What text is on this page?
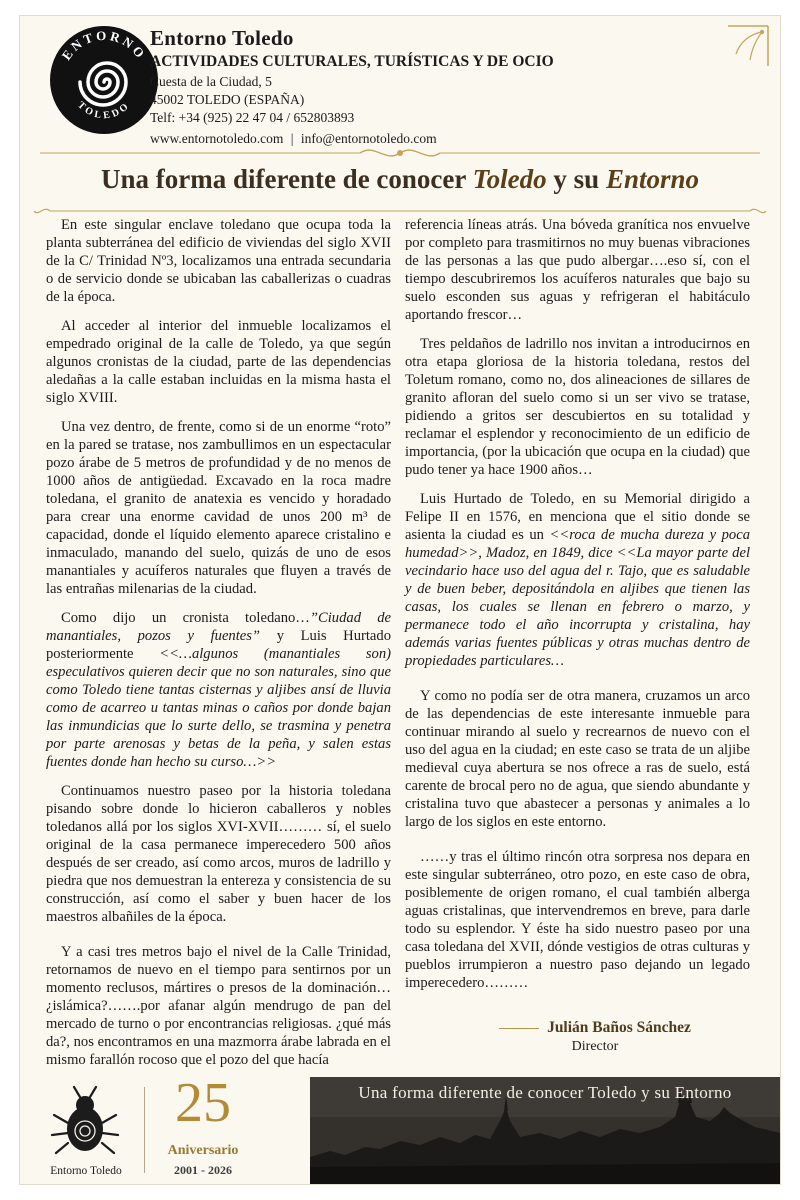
ENTORNO
TOLEDO
Entorno Toledo
ACTIVIDADES CULTURALES, TURÍSTICAS Y DE OCIO
Cuesta de la Ciudad, 5
45002 TOLEDO (ESPAÑA)
Telf: +34 (925) 22 47 04 / 652803893
www.entornotoledo.com | info@entornotoledo.com
Una forma diferente de conocer Toledo y su Entorno

En este singular enclave toledano que ocupa toda la planta subterránea del edificio de viviendas del siglo XVII de la C/ Trinidad Nº3, localizamos una entrada secundaria o de servicio donde se ubicaban las caballerizas o cuadras de la época.

Al acceder al interior del inmueble localizamos el empedrado original de la calle de Toledo, ya que según algunos cronistas de la ciudad, parte de las dependencias aledañas a la calle estaban incluidas en la misma hasta el siglo XVIII.

Una vez dentro, de frente, como si de un enorme “roto” en la pared se tratase, nos zambullimos en un espectacular pozo árabe de 5 metros de profundidad y de no menos de 1000 años de antigüedad. Excavado en la roca madre toledana, el granito de anatexia es vencido y horadado para crear una enorme cavidad de unos 200 m³ de capacidad, donde el líquido elemento aparece cristalino e inmaculado, manando del suelo, quizás de uno de esos manantiales y acuíferos naturales que fluyen a través de las entrañas milenarias de la ciudad.

Como dijo un cronista toledano…”Ciudad de manantiales, pozos y fuentes” y Luis Hurtado posteriormente <<…algunos (manantiales son) especulativos quieren decir que no son naturales, sino que como Toledo tiene tantas cisternas y aljibes ansí de lluvia como de acarreo u tantas minas o caños por donde bajan las inmundicias que lo surte dello, se trasmina y penetra por parte arenosas y betas de la peña, y salen estas fuentes donde han hecho su curso…>>

Continuamos nuestro paseo por la historia toledana pisando sobre donde lo hicieron caballeros y nobles toledanos allá por los siglos XVI-XVII……… sí, el suelo original de la casa permanece imperecedero 500 años después de ser creado, así como arcos, muros de ladrillo y piedra que nos demuestran la entereza y consistencia de su construcción, así como el saber y buen hacer de los maestros albañiles de la época.

Y a casi tres metros bajo el nivel de la Calle Trinidad, retornamos de nuevo en el tiempo para sentirnos por un momento reclusos, mártires o presos de la dominación… ¿islámica?…….por afanar algún mendrugo de pan del mercado de turno o por encontrancias religiosas. ¿qué más da?, nos encontramos en una mazmorra árabe labrada en el mismo farallón rocoso que el pozo del que hacía

referencia líneas atrás. Una bóveda granítica nos envuelve por completo para trasmitirnos no muy buenas vibraciones de las personas a las que pudo albergar….eso sí, con el tiempo descubriremos los acuíferos naturales que bajo su suelo esconden sus aguas y refrigeran el habitáculo aportando frescor…

Tres peldaños de ladrillo nos invitan a introducirnos en otra etapa gloriosa de la historia toledana, restos del Toletum romano, como no, dos alineaciones de sillares de granito afloran del suelo como si un ser vivo se tratase, pidiendo a gritos ser descubiertos en su totalidad y reclamar el esplendor y reconocimiento de un edificio de importancia, (por la ubicación que ocupa en la ciudad) que pudo tener ya hace 1900 años…

Luis Hurtado de Toledo, en su Memorial dirigido a Felipe II en 1576, en menciona que el sitio donde se asienta la ciudad es un <<roca de mucha dureza y poca humedad>>, Madoz, en 1849, dice <<La mayor parte del vecindario hace uso del agua del r. Tajo, que es saludable y de buen beber, depositándola en aljibes que tienen las casas, los cuales se llenan en febrero o marzo, y permanece todo el año incorrupta y cristalina, hay además varias fuentes públicas y otras muchas dentro de propiedades particulares…

Y como no podía ser de otra manera, cruzamos un arco de las dependencias de este interesante inmueble para continuar mirando al suelo y recrearnos de nuevo con el uso del agua en la ciudad; en este caso se trata de un aljibe medieval cuya abertura se nos ofrece a ras de suelo, está carente de brocal pero no de agua, que siendo abundante y cristalina tuvo que abastecer a personas y animales a lo largo de los siglos en este entorno.

……y tras el último rincón otra sorpresa nos depara en este singular subterráneo, otro pozo, en este caso de obra, posiblemente de origen romano, el cual también alberga aguas cristalinas, que intervendremos en breve, para darle todo su esplendor. Y éste ha sido nuestro paseo por una casa toledana del XVII, dónde vestigios de otras culturas y pueblos irrumpieron a nuestro paso dejando un legado imperecedero………

Julián Baños Sánchez
Director
Entorno Toledo
25
Aniversario
2001 - 2026
Una forma diferente de conocer Toledo y su Entorno
